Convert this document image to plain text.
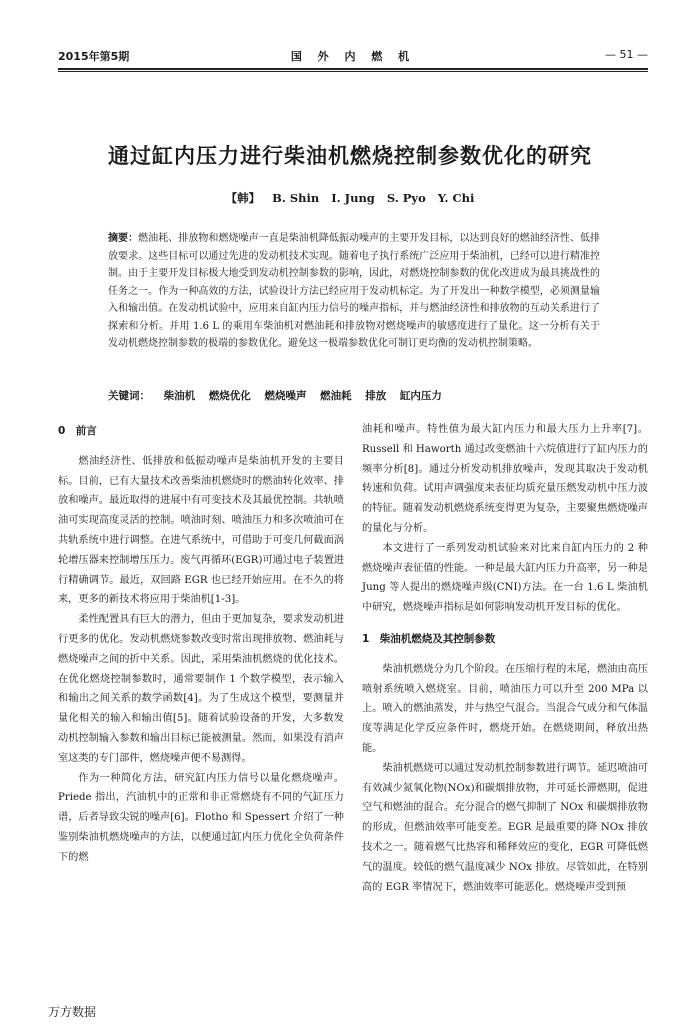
2015年第5期	国 外 内 燃 机	— 51 —
通过缸内压力进行柴油机燃烧控制参数优化的研究
【韩】 B. Shin I. Jung S. Pyo Y. Chi
摘要：燃油耗、排放物和燃烧噪声一直是柴油机降低振动噪声的主要开发目标，以达到良好的燃油经济性、低排放要求。这些目标可以通过先进的发动机技术实现。随着电子执行系统广泛应用于柴油机，已经可以进行精准控制。由于主要开发目标极大地受到发动机控制参数的影响，因此，对燃烧控制参数的优化改进成为最具挑战性的任务之一。作为一种高效的方法，试验设计方法已经应用于发动机标定。为了开发出一种数学模型，必须测量输入和输出值。在发动机试验中，应用来自缸内压力信号的噪声指标，并与燃油经济性和排放物的互动关系进行了探索和分析。并用 1.6 L 的乘用车柴油机对燃油耗和排放物对燃烧噪声的敏感度进行了量化。这一分析有关于发动机燃烧控制参数的极端的参数优化。避免这一极端参数优化可制订更均衡的发动机控制策略。
关键词： 柴油机 燃烧优化 燃烧噪声 燃油耗 排放 缸内压力
0　前言

燃油经济性、低排放和低振动噪声是柴油机开发的主要目标。目前，已有大量技术改善柴油机燃烧时的燃油转化效率、排放和噪声。最近取得的进展中有可变技术及其最优控制。共轨喷油可实现高度灵活的控制。喷油时刻、喷油压力和多次喷油可在共轨系统中进行调整。在进气系统中，可借助于可变几何截面涡轮增压器来控制增压压力。废气再循环(EGR)可通过电子装置进行精确调节。最近，双回路 EGR 也已经开始应用。在不久的将来，更多的新技术将应用于柴油机[1-3]。

柔性配置具有巨大的潜力，但由于更加复杂，要求发动机进行更多的优化。发动机燃烧参数改变时常出现排放物、燃油耗与燃烧噪声之间的折中关系。因此，采用柴油机燃烧的优化技术。在优化燃烧控制参数时，通常要制作 1 个数学模型，表示输入和输出之间关系的数学函数[4]。为了生成这个模型，要测量并量化相关的输入和输出值[5]。随着试验设备的开发，大多数发动机控制输入参数和输出目标已能被测量。然而，如果没有消声室这类的专门部件，燃烧噪声便不易测得。

作为一种简化方法，研究缸内压力信号以量化燃烧噪声。Priede 指出，汽油机中的正常和非正常燃烧有不同的气缸压力谱，后者导致尖锐的噪声[6]。Flotho 和 Spessert 介绍了一种鉴别柴油机燃烧噪声的方法，以便通过缸内压力优化全负荷条件下的燃

油耗和噪声。特性值为最大缸内压力和最大压力上升率[7]。Russell 和 Haworth 通过改变燃油十六烷值进行了缸内压力的频率分析[8]。通过分析发动机排放噪声，发现其取决于发动机转速和负荷。试用声调强度来表征均质充量压燃发动机中压力波的特征。随着发动机燃烧系统变得更为复杂，主要聚焦燃烧噪声的量化与分析。

本文进行了一系列发动机试验来对比来自缸内压力的 2 种燃烧噪声表征值的性能。一种是最大缸内压力升高率，另一种是 Jung 等人提出的燃烧噪声级(CNI)方法。在一台 1.6 L 柴油机中研究，燃烧噪声指标是如何影响发动机开发目标的优化。

1　柴油机燃烧及其控制参数

柴油机燃烧分为几个阶段。在压缩行程的末尾，燃油由高压喷射系统喷入燃烧室。目前，喷油压力可以升至 200 MPa 以上。喷入的燃油蒸发，并与热空气混合。当混合气成分和气体温度等满足化学反应条件时，燃烧开始。在燃烧期间，释放出热能。

柴油机燃烧可以通过发动机控制参数进行调节。延迟喷油可有效减少氮氧化物(NOx)和碳烟排放物，并可延长滞燃期，促进空气和燃油的混合。充分混合的燃气抑制了 NOx 和碳烟排放物的形成，但燃油效率可能变差。EGR 是最重要的降 NOx 排放技术之一。随着燃气比热容和稀释效应的变化，EGR 可降低燃气的温度。较低的燃气温度减少 NOx 排放。尽管如此，在特别高的 EGR 率情况下，燃油效率可能恶化。燃烧噪声受到预

万方数据
